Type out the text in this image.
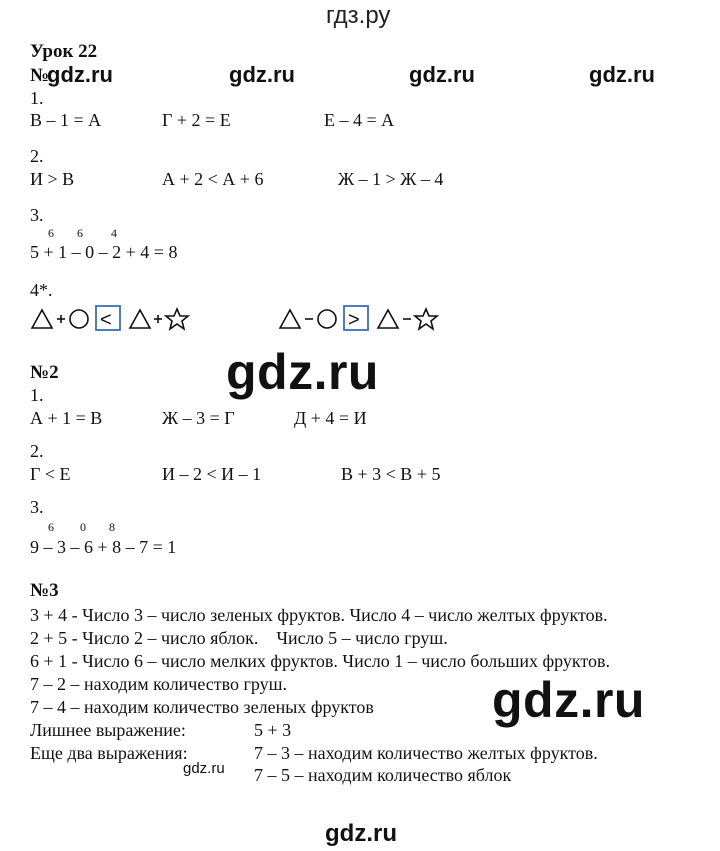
гдз.ру
Урок 22
№
gdz.ru	gdz.ru	gdz.ru	gdz.ru
1.
В – 1 = А	Г + 2 = Е	Е – 4 = А
2.
И > В	А + 2 < А + 6	Ж – 1 > Ж – 4
3.
6 6 4
5 + 1 – 0 – 2 + 4 = 8
4*.
<	>
gdz.ru
№2
1.
А + 1 = В	Ж – 3 = Г	Д + 4 = И
2.
Г < Е	И – 2 < И – 1	В + 3 < В + 5
3.
6 0 8
9 – 3 – 6 + 8 – 7 = 1
№3
3 + 4 - Число 3 – число зеленых фруктов. Число 4 – число желтых фруктов.
2 + 5 - Число 2 – число яблок.    Число 5 – число груш.
6 + 1 - Число 6 – число мелких фруктов. Число 1 – число больших фруктов.
7 – 2 – находим количество груш.
7 – 4 – находим количество зеленых фруктов
Лишнее выражение:	5 + 3
Еще два выражения:	7 – 3 – находим количество желтых фруктов.
7 – 5 – находим количество яблок
gdz.ru
gdz.ru
gdz.ru
